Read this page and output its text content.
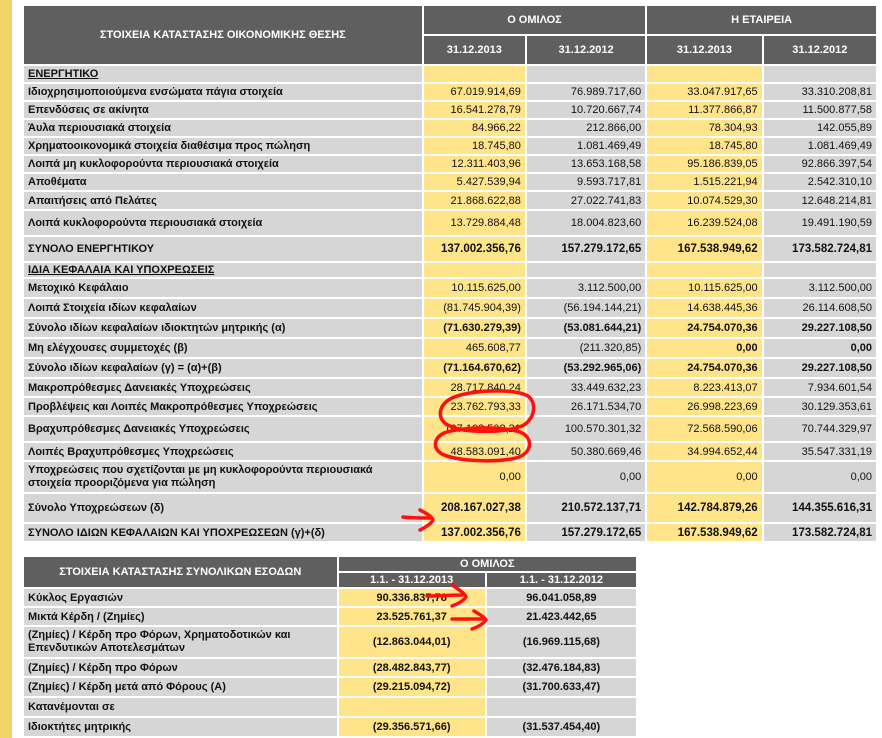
ΣΤΟΙΧΕΙΑ ΚΑΤΑΣΤΑΣΗΣ ΟΙΚΟΝΟΜΙΚΗΣ ΘΕΣΗΣ	Ο ΟΜΙΛΟΣ		Η ΕΤΑΙΡΕΙΑ	
	31.12.2013	31.12.2012	31.12.2013	31.12.2012
ΕΝΕΡΓΗΤΙΚΟ				
Ιδιοχρησιμοποιούμενα ενσώματα πάγια στοιχεία	67.019.914,69	76.989.717,60	33.047.917,65	33.310.208,81
Επενδύσεις σε ακίνητα	16.541.278,79	10.720.667,74	11.377.866,87	11.500.877,58
Άυλα περιουσιακά στοιχεία	84.966,22	212.866,00	78.304,93	142.055,89
Χρηματοοικονομικά στοιχεία διαθέσιμα προς πώληση	18.745,80	1.081.469,49	18.745,80	1.081.469,49
Λοιπά μη κυκλοφορούντα περιουσιακά στοιχεία	12.311.403,96	13.653.168,58	95.186.839,05	92.866.397,54
Αποθέματα	5.427.539,94	9.593.717,81	1.515.221,94	2.542.310,10
Απαιτήσεις από Πελάτες	21.868.622,88	27.022.741,83	10.074.529,30	12.648.214,81
Λοιπά κυκλοφορούντα περιουσιακά στοιχεία	13.729.884,48	18.004.823,60	16.239.524,08	19.491.190,59
ΣΥΝΟΛΟ ΕΝΕΡΓΗΤΙΚΟΥ	137.002.356,76	157.279.172,65	167.538.949,62	173.582.724,81
ΙΔΙΑ ΚΕΦΑΛΑΙΑ ΚΑΙ ΥΠΟΧΡΕΩΣΕΙΣ				
Μετοχικό Κεφάλαιο	10.115.625,00	3.112.500,00	10.115.625,00	3.112.500,00
Λοιπά Στοιχεία ιδίων κεφαλαίων	(81.745.904,39)	(56.194.144,21)	14.638.445,36	26.114.608,50
Σύνολο ιδίων κεφαλαίων ιδιοκτητών μητρικής (α)	(71.630.279,39)	(53.081.644,21)	24.754.070,36	29.227.108,50
Μη ελέγχουσες συμμετοχές (β)	465.608,77	(211.320,85)	0,00	0,00
Σύνολο ιδίων κεφαλαίων (γ) = (α)+(β)	(71.164.670,62)	(53.292.965,06)	24.754.070,36	29.227.108,50
Μακροπρόθεσμες Δανειακές Υποχρεώσεις	28.717.840,24	33.449.632,23	8.223.413,07	7.934.601,54
Προβλέψεις και Λοιπές Μακροπρόθεσμες Υποχρεώσεις	23.762.793,33	26.171.534,70	26.998.223,69	30.129.353,61
Βραχυπρόθεσμες Δανειακές Υποχρεώσεις	107.103.502,21	100.570.301,32	72.568.590,06	70.744.329,97
Λοιπές Βραχυπρόθεσμες Υποχρεώσεις	48.583.091,40	50.380.669,46	34.994.652,44	35.547.331,19
Υποχρεώσεις που σχετίζονται με μη κυκλοφορούντα περιουσιακά στοιχεία προοριζόμενα για πώληση	0,00	0,00	0,00	0,00
Σύνολο Υποχρεώσεων (δ)	208.167.027,38	210.572.137,71	142.784.879,26	144.355.616,31
ΣΥΝΟΛΟ ΙΔΙΩΝ ΚΕΦΑΛΑΙΩΝ ΚΑΙ ΥΠΟΧΡΕΩΣΕΩΝ (γ)+(δ)	137.002.356,76	157.279.172,65	167.538.949,62	173.582.724,81
ΣΤΟΙΧΕΙΑ ΚΑΤΑΣΤΑΣΗΣ ΣΥΝΟΛΙΚΩΝ ΕΣΟΔΩΝ	Ο ΟΜΙΛΟΣ	
	1.1. - 31.12.2013	1.1. - 31.12.2012
Κύκλος Εργασιών	90.336.837,78	96.041.058,89
Μικτά Κέρδη / (Ζημίες)	23.525.761,37	21.423.442,65
(Ζημίες) / Κέρδη προ Φόρων, Χρηματοδοτικών και Επενδυτικών Αποτελεσμάτων	(12.863.044,01)	(16.969.115,68)
(Ζημίες) / Κέρδη προ Φόρων	(28.482.843,77)	(32.476.184,83)
(Ζημίες) / Κέρδη μετά από Φόρους (Α)	(29.215.094,72)	(31.700.633,47)
Κατανέμονται σε		
Ιδιοκτήτες μητρικής	(29.356.571,66)	(31.537.454,40)
